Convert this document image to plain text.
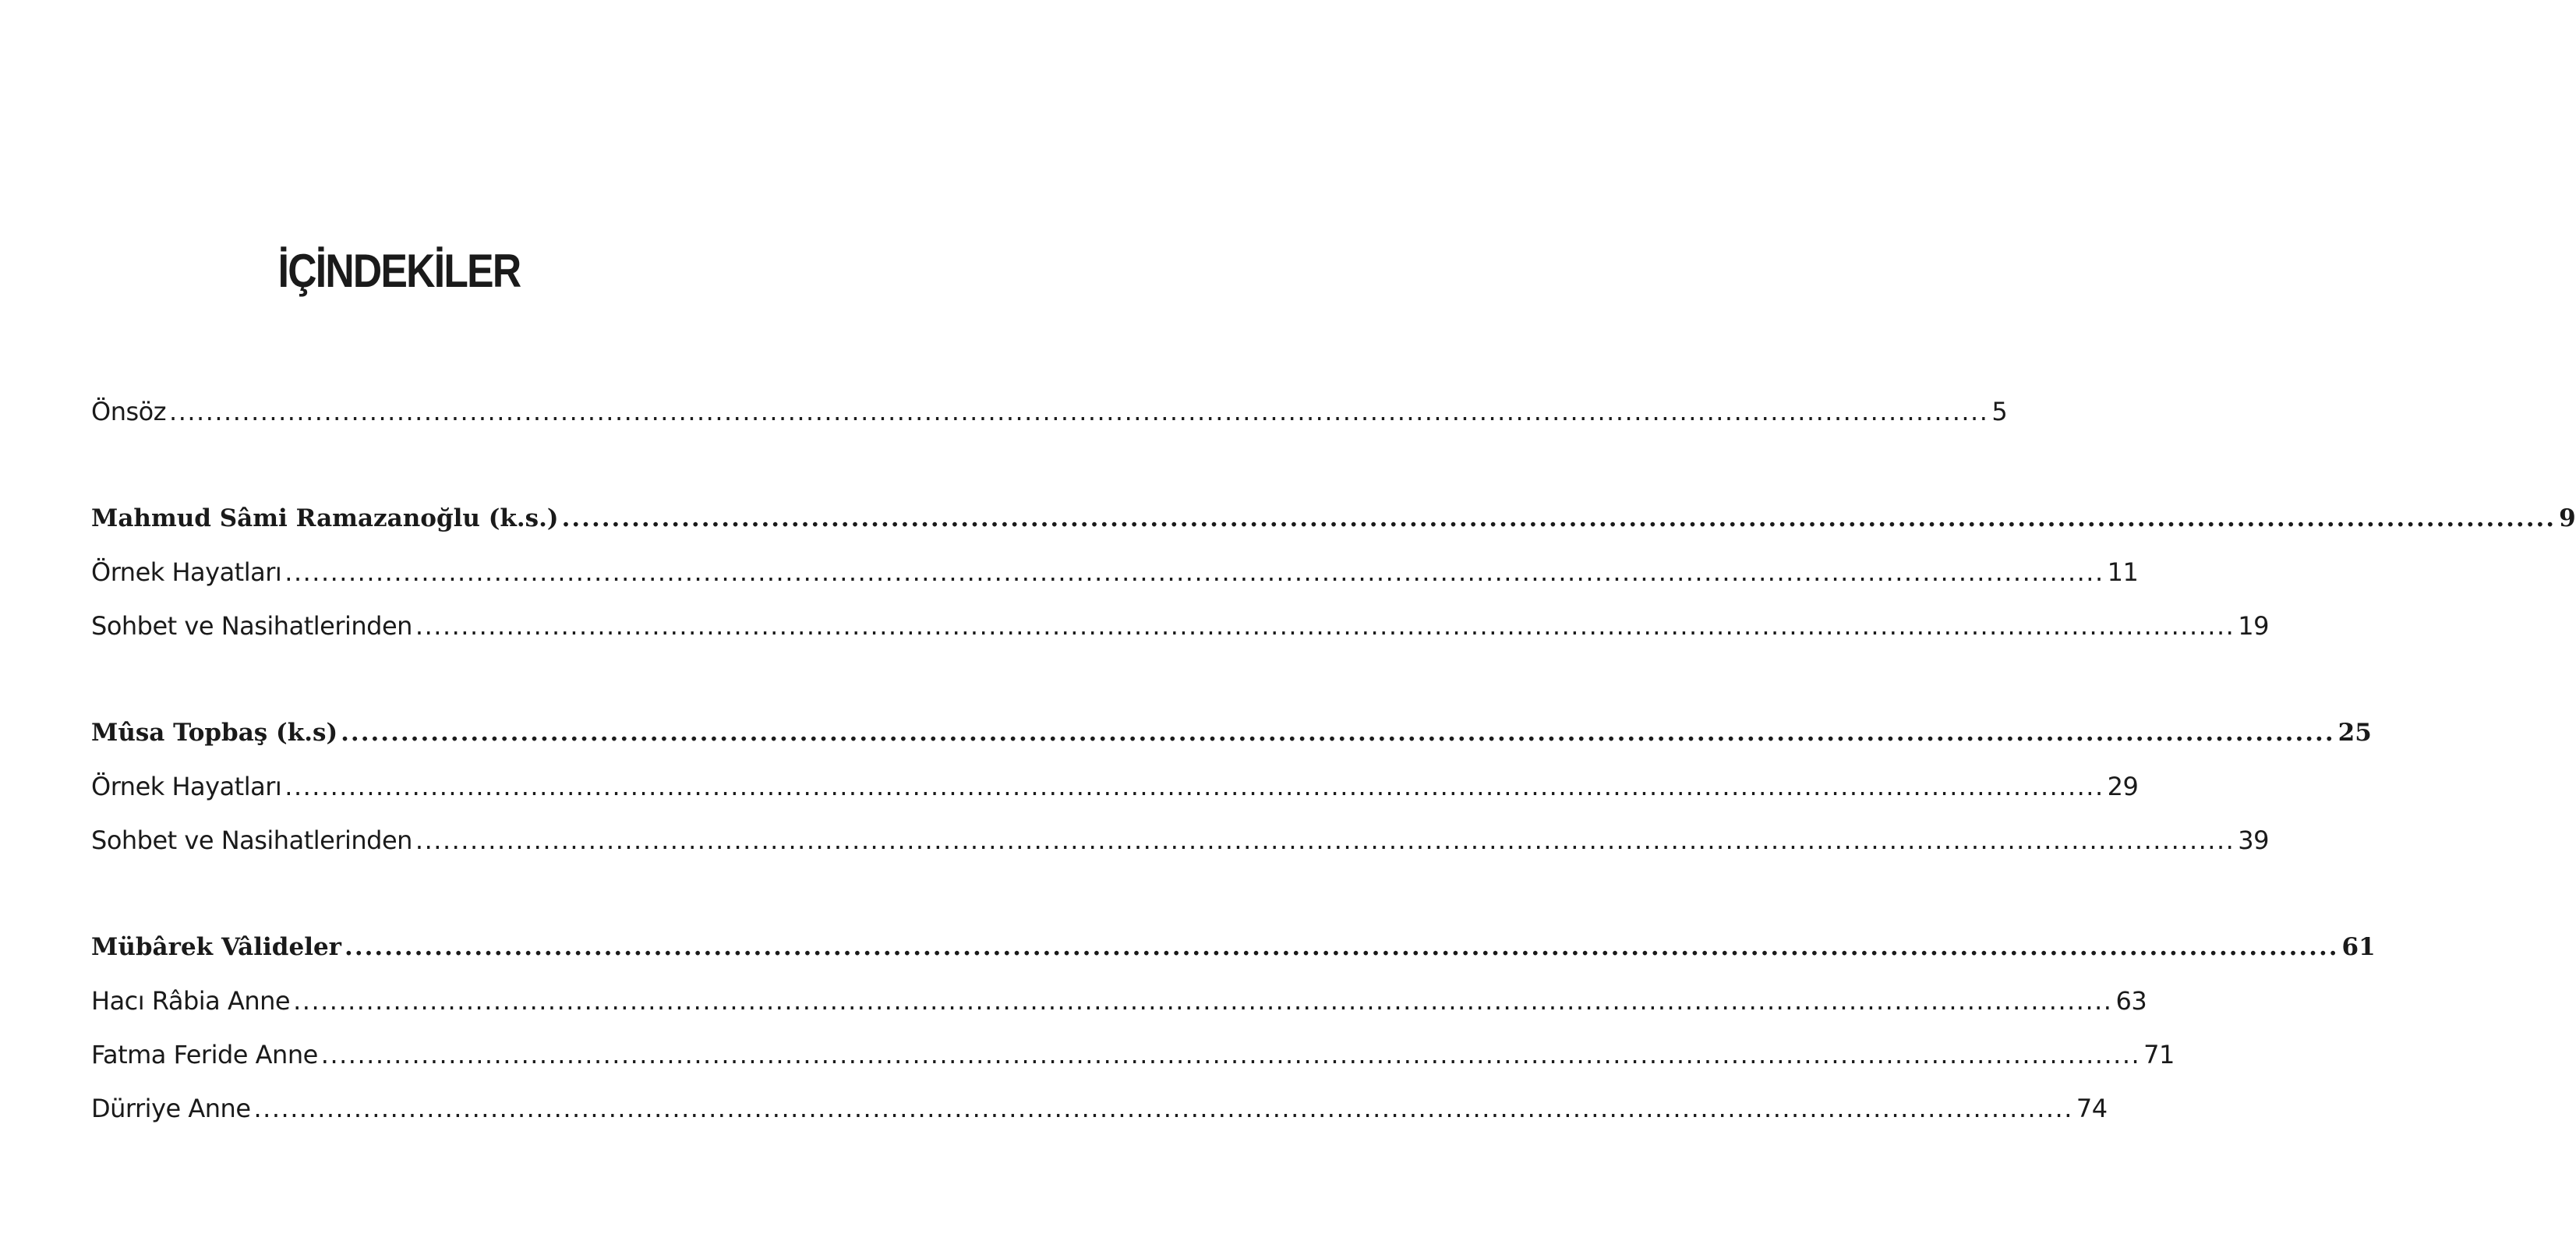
İÇİNDEKİLER
Önsöz ........................................................................................................................................................................................................ 5
Mahmud Sâmi Ramazanoğlu (k.s.) ........................................................................................................................................................................................................ 9
Örnek Hayatları ........................................................................................................................................................................................................ 11
Sohbet ve Nasihatlerinden ........................................................................................................................................................................................................ 19
Mûsa Topbaş (k.s) ........................................................................................................................................................................................................ 25
Örnek Hayatları ........................................................................................................................................................................................................ 29
Sohbet ve Nasihatlerinden ........................................................................................................................................................................................................ 39
Mübârek Vâlideler ........................................................................................................................................................................................................ 61
Hacı Râbia Anne ........................................................................................................................................................................................................ 63
Fatma Feride Anne ........................................................................................................................................................................................................ 71
Dürriye Anne ........................................................................................................................................................................................................ 74
